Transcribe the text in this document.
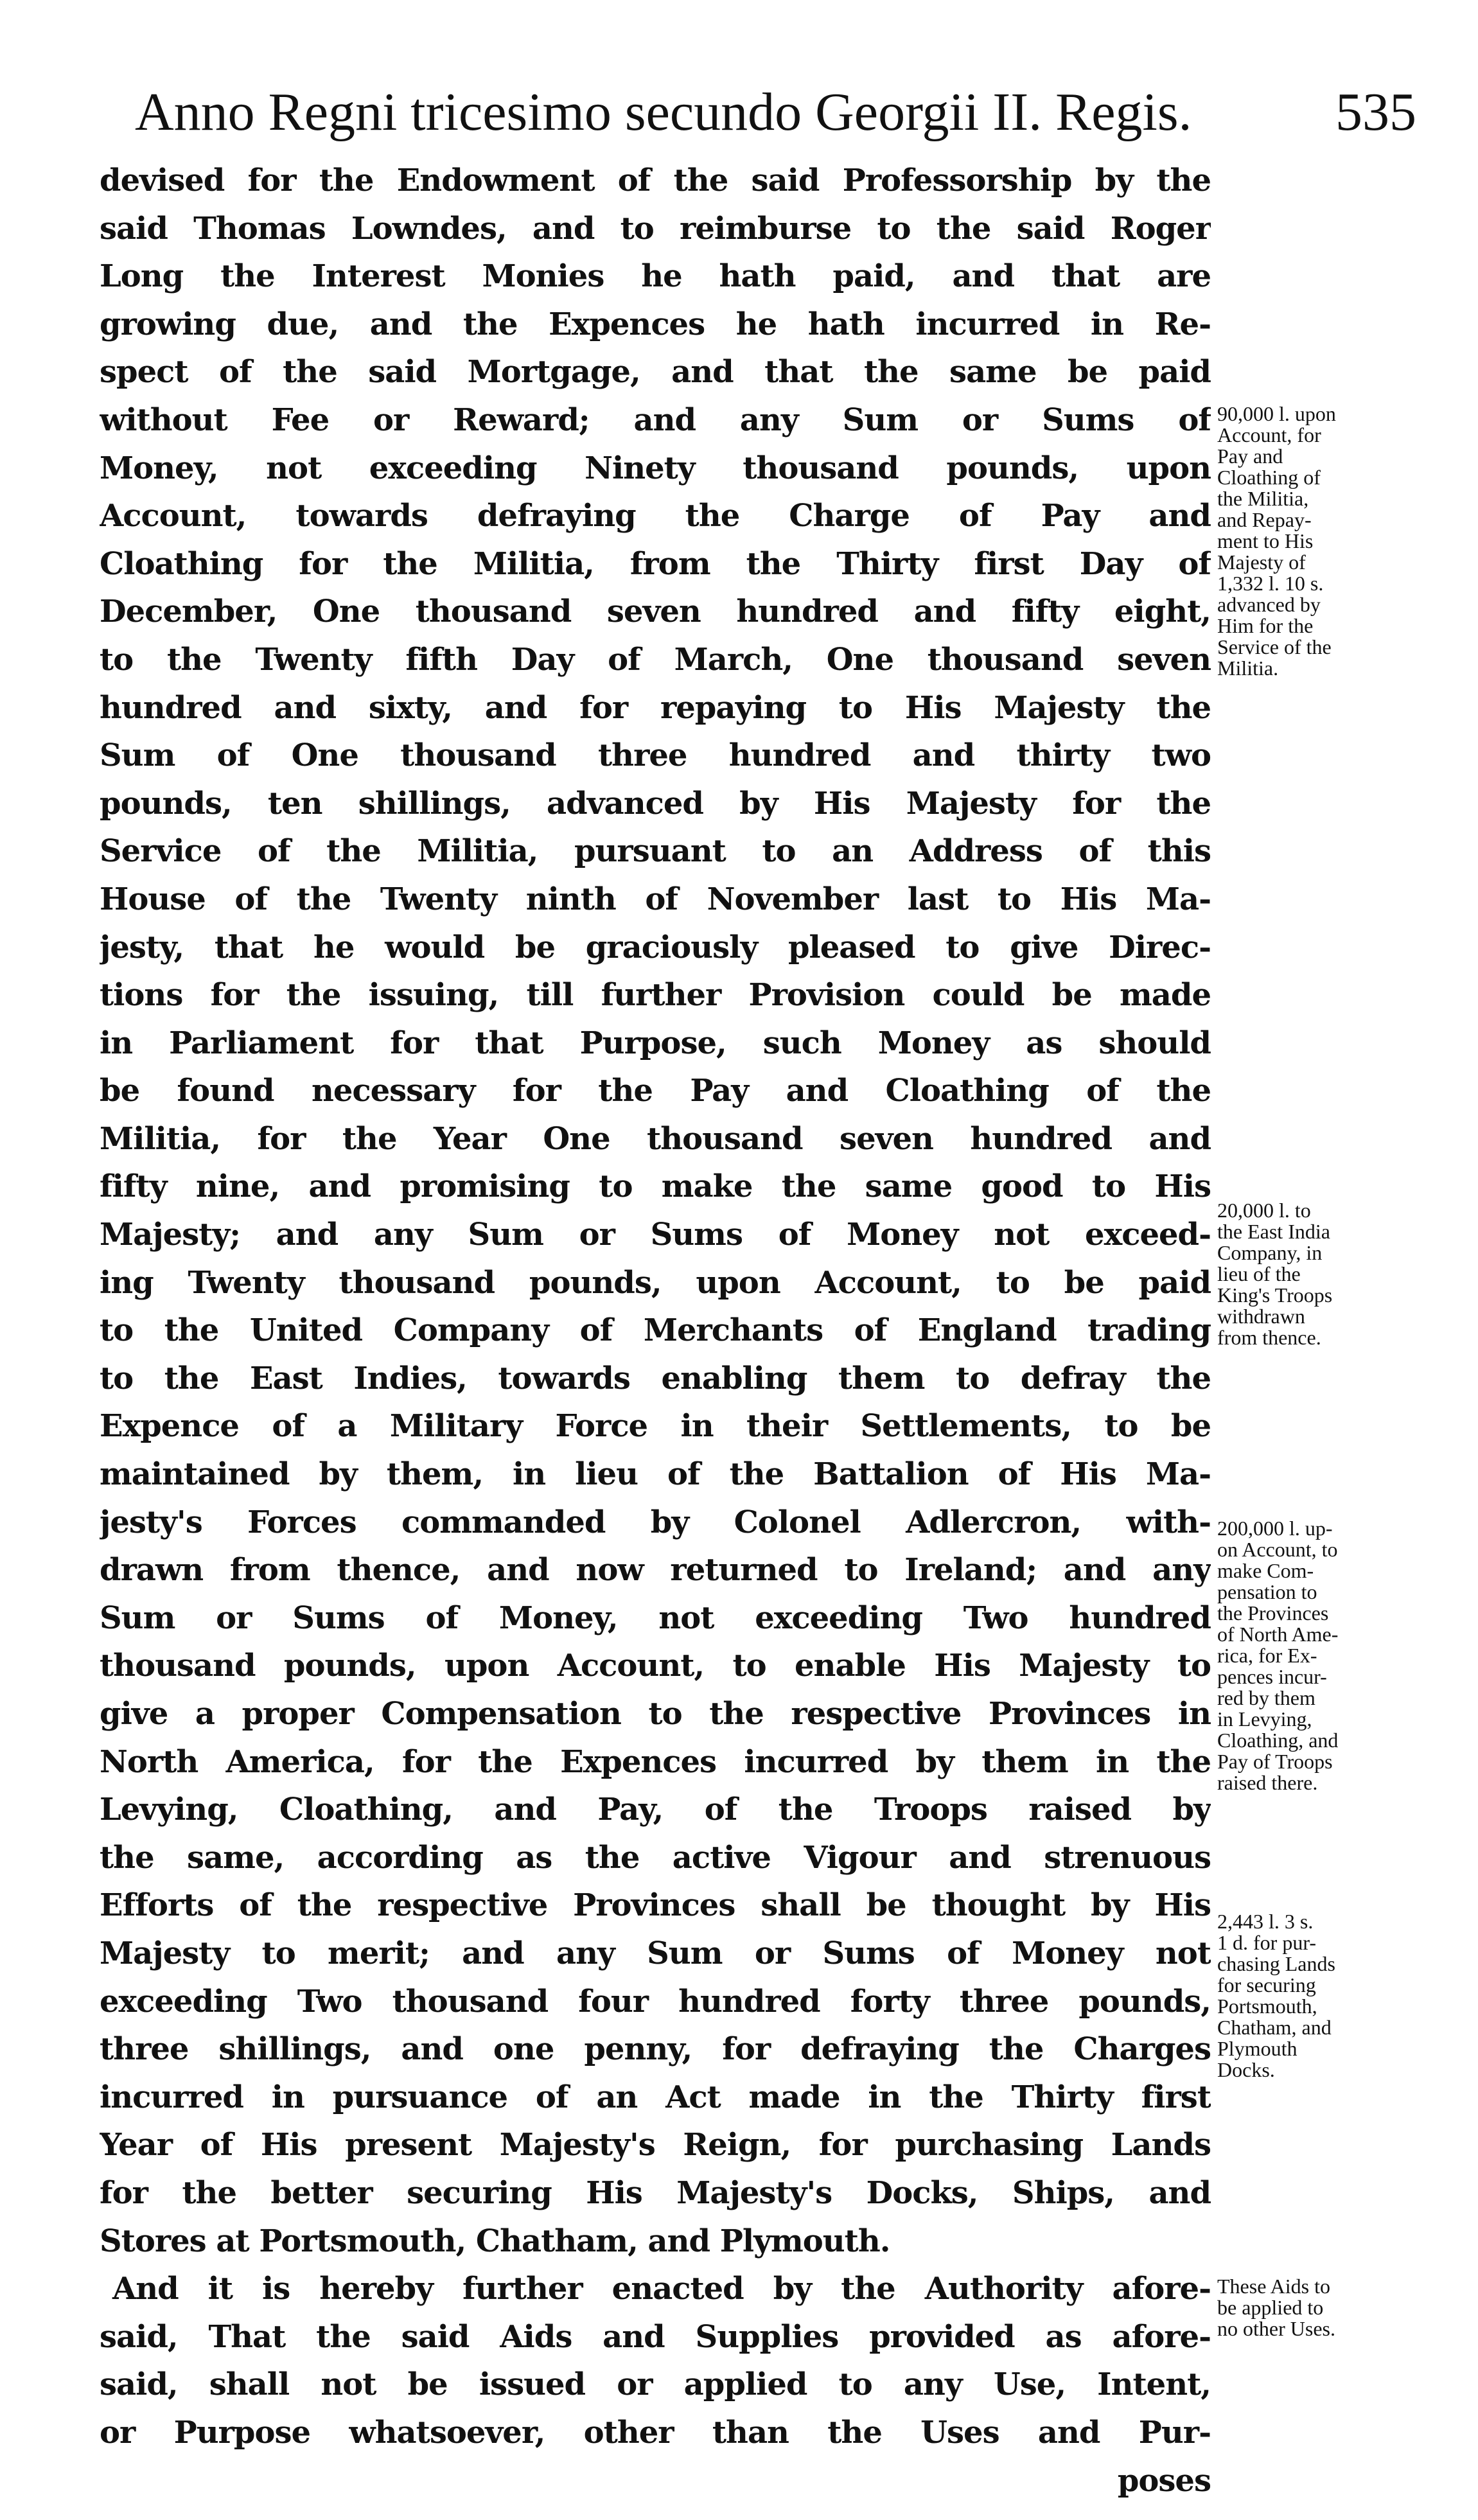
Anno Regni tricesimo secundo Georgii II. Regis.	535
devised for the Endowment of the said Professorship by the
said Thomas Lowndes, and to reimburse to the said Roger
Long the Interest Monies he hath paid, and that are
growing due, and the Expences he hath incurred in Re-
spect of the said Mortgage, and that the same be paid
without Fee or Reward; and any Sum or Sums of
Money, not exceeding Ninety thousand pounds, upon
Account, towards defraying the Charge of Pay and
Cloathing for the Militia, from the Thirty first Day of
December, One thousand seven hundred and fifty eight,
to the Twenty fifth Day of March, One thousand seven
hundred and sixty, and for repaying to His Majesty the
Sum of One thousand three hundred and thirty two
pounds, ten shillings, advanced by His Majesty for the
Service of the Militia, pursuant to an Address of this
House of the Twenty ninth of November last to His Ma-
jesty, that he would be graciously pleased to give Direc-
tions for the issuing, till further Provision could be made
in Parliament for that Purpose, such Money as should
be found necessary for the Pay and Cloathing of the
Militia, for the Year One thousand seven hundred and
fifty nine, and promising to make the same good to His
Majesty; and any Sum or Sums of Money not exceed-
ing Twenty thousand pounds, upon Account, to be paid
to the United Company of Merchants of England trading
to the East Indies, towards enabling them to defray the
Expence of a Military Force in their Settlements, to be
maintained by them, in lieu of the Battalion of His Ma-
jesty's Forces commanded by Colonel Adlercron, with-
drawn from thence, and now returned to Ireland; and any
Sum or Sums of Money, not exceeding Two hundred
thousand pounds, upon Account, to enable His Majesty to
give a proper Compensation to the respective Provinces in
North America, for the Expences incurred by them in the
Levying, Cloathing, and Pay, of the Troops raised by
the same, according as the active Vigour and strenuous
Efforts of the respective Provinces shall be thought by His
Majesty to merit; and any Sum or Sums of Money not
exceeding Two thousand four hundred forty three pounds,
three shillings, and one penny, for defraying the Charges
incurred in pursuance of an Act made in the Thirty first
Year of His present Majesty's Reign, for purchasing Lands
for the better securing His Majesty's Docks, Ships, and
Stores at Portsmouth, Chatham, and Plymouth.
And it is hereby further enacted by the Authority afore-
said, That the said Aids and Supplies provided as afore-
said, shall not be issued or applied to any Use, Intent,
or Purpose whatsoever, other than the Uses and Pur-
poses
90,000 l. upon
Account, for
Pay and
Cloathing of
the Militia,
and Repay-
ment to His
Majesty of
1,332 l. 10 s.
advanced by
Him for the
Service of the
Militia.
20,000 l. to
the East India
Company, in
lieu of the
King's Troops
withdrawn
from thence.
200,000 l. up-
on Account, to
make Com-
pensation to
the Provinces
of North Ame-
rica, for Ex-
pences incur-
red by them
in Levying,
Cloathing, and
Pay of Troops
raised there.
2,443 l. 3 s.
1 d. for pur-
chasing Lands
for securing
Portsmouth,
Chatham, and
Plymouth
Docks.
These Aids to
be applied to
no other Uses.
